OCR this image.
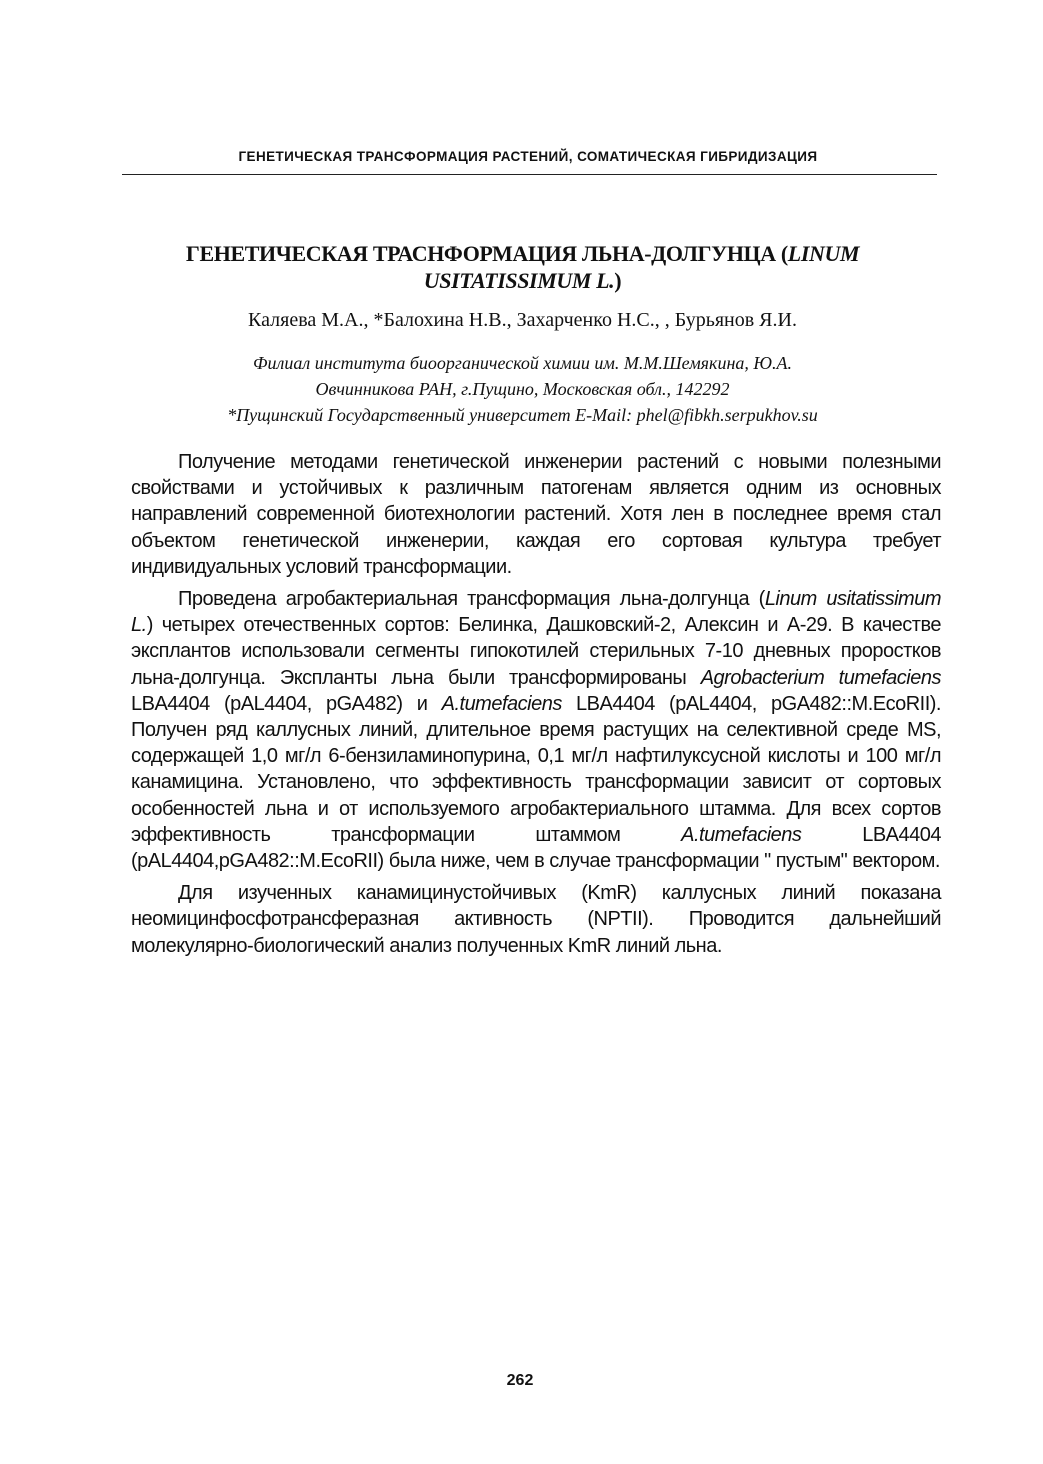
ГЕНЕТИЧЕСКАЯ ТРАНСФОРМАЦИЯ РАСТЕНИЙ, СОМАТИЧЕСКАЯ ГИБРИДИЗАЦИЯ
ГЕНЕТИЧЕСКАЯ ТРАСНФОРМАЦИЯ ЛЬНА-ДОЛГУНЦА (LINUM USITATISSIMUM L.)
Каляева М.А., *Балохина Н.В., Захарченко Н.С., , Бурьянов Я.И.
Филиал института биоорганической химии им. М.М.Шемякина, Ю.А.
Овчинникова РАН, г.Пущино, Московская обл., 142292
*Пущинский Государственный университет E-Mail: phel@fibkh.serpukhov.su

Получение методами генетической инженерии растений с новыми полезными свойствами и устойчивых к различным патогенам является одним из основных направлений современной биотехнологии растений. Хотя лен в последнее время стал объектом генетической инженерии, каждая его сортовая культура требует индивидуальных условий трансформации.

Проведена агробактериальная трансформация льна-долгунца (Linum usitatissimum L.) четырех отечественных сортов: Белинка, Дашковский-2, Алексин и А-29. В качестве эксплантов использовали сегменты гипокотилей стерильных 7-10 дневных проростков льна-долгунца. Экспланты льна были трансформированы Agrobacterium tumefaciens LBA4404 (pAL4404, pGA482) и A.tumefaciens LBA4404 (pAL4404, pGA482::M.EcoRII). Получен ряд каллусных линий, длительное время растущих на селективной среде MS, содержащей 1,0 мг/л 6-бензиламинопурина, 0,1 мг/л нафтилуксусной кислоты и 100 мг/л канамицина. Установлено, что эффективность трансформации зависит от сортовых особенностей льна и от используемого агробактериального штамма. Для всех сортов эффективность трансформации штаммом A.tumefaciens LBA4404 (pAL4404,pGA482::M.EcoRII) была ниже, чем в случае трансформации " пустым" вектором.

Для изученных канамицинустойчивых (KmR) каллусных линий показана неомицинфосфотрансферазная активность (NPTII). Проводится дальнейший молекулярно-биологический анализ полученных KmR линий льна.

262
